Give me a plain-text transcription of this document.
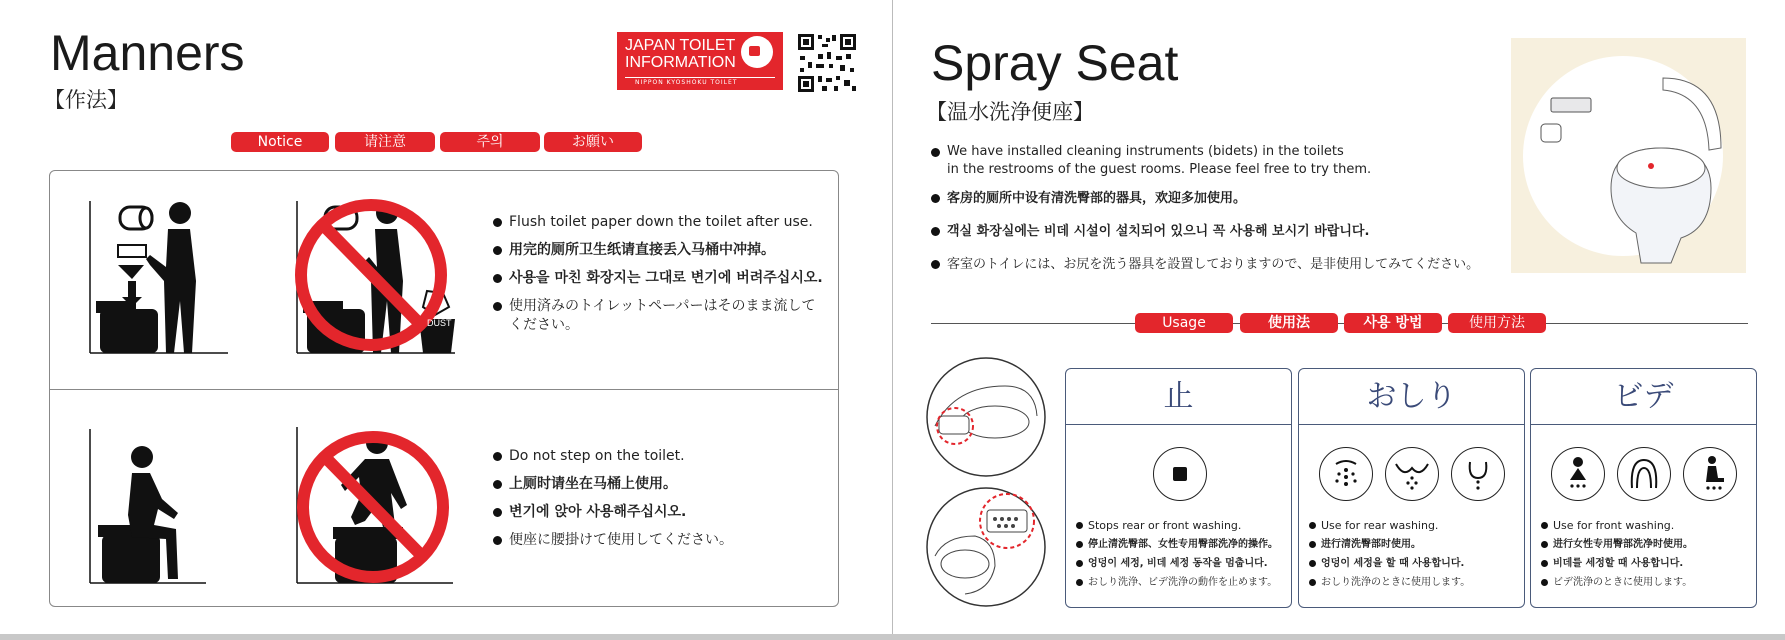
Manners
【作法】
JAPAN TOILET
INFORMATION
NIPPON KYOSHOKU TOILET
Notice	请注意	주의	お願い
DUST
Flush toilet paper down the toilet after use.
用完的厕所卫生纸请直接丢入马桶中冲掉。
사용을 마친 화장지는 그대로 변기에 버려주십시오.
使用済みのトイレットペーパーはそのまま流して ください。
Do not step on the toilet.
上厕时请坐在马桶上使用。
변기에 앉아 사용해주십시오.
便座に腰掛けて使用してください。
Spray Seat
【温水洗浄便座】
We have installed cleaning instruments (bidets) in the toilets
in the restrooms of the guest rooms. Please feel free to try them.
客房的厕所中设有清洗臀部的器具，欢迎多加使用。
객실 화장실에는 비데 시설이 설치되어 있으니 꼭 사용해 보시기 바랍니다.
客室のトイレには、お尻を洗う器具を設置しておりますので、是非使用してみてください。
Usage	使用法	사용 방법	使用方法
止
Stops rear or front washing.
停止清洗臀部、女性专用臀部洗净的操作。
엉덩이 세정, 비데 세정 동작을 멈춥니다.
おしり洗浄、ビデ洗浄の動作を止めます。
おしり
Use for rear washing.
进行清洗臀部时使用。
엉덩이 세정을 할 때 사용합니다.
おしり洗浄のときに使用します。
ビデ
Use for front washing.
进行女性专用臀部洗净时使用。
비데를 세정할 때 사용합니다.
ビデ洗浄のときに使用します。
